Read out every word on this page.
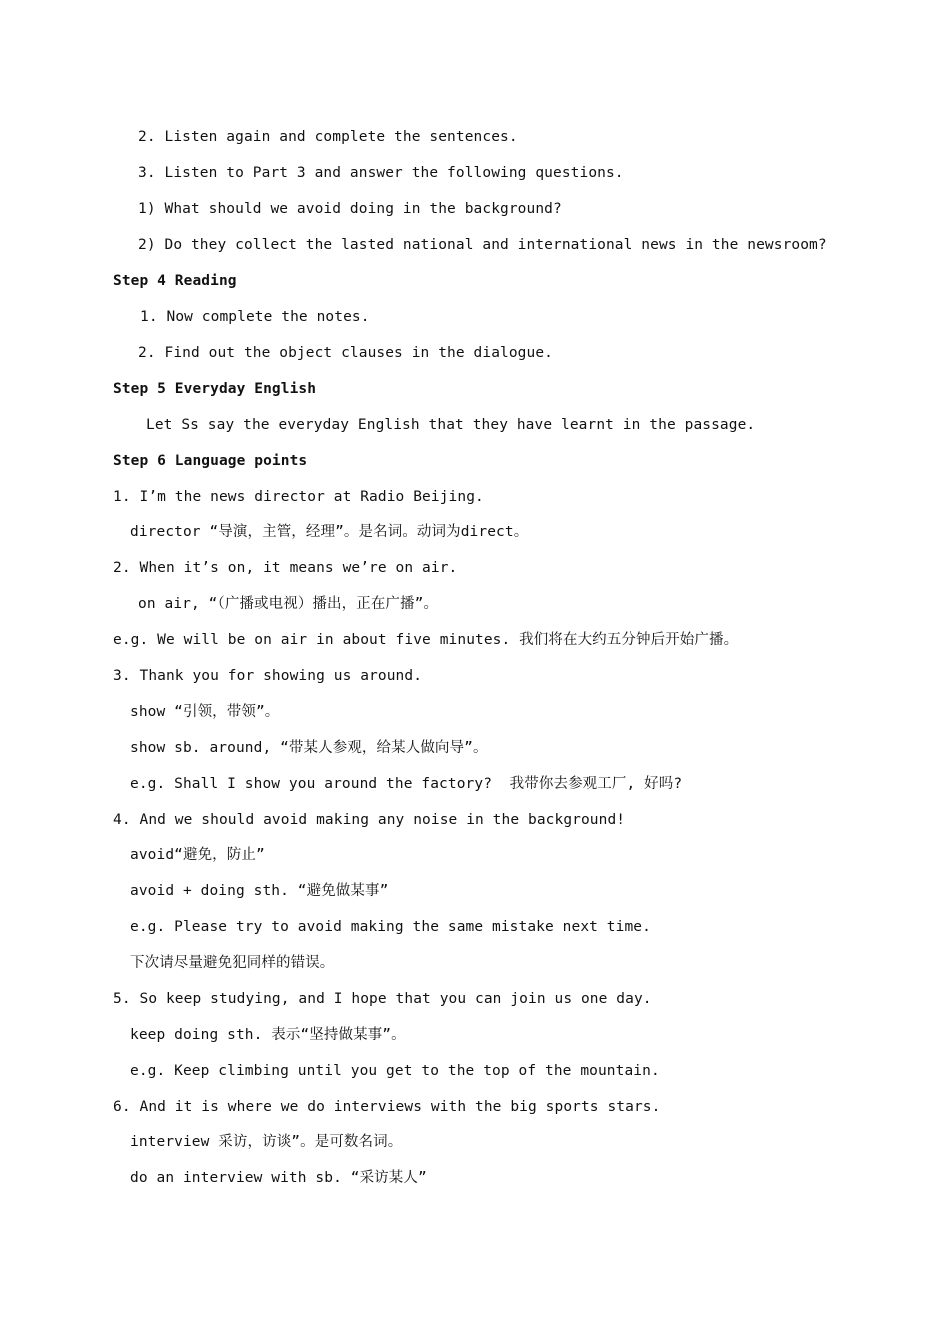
2. Listen again and complete the sentences.
3. Listen to Part 3 and answer the following questions.
1) What should we avoid doing in the background?
2) Do they collect the lasted national and international news in the newsroom?
Step 4 Reading
1. Now complete the notes.
2. Find out the object clauses in the dialogue.
Step 5 Everyday English
Let Ss say the everyday English that they have learnt in the passage.
Step 6 Language points
1. I’m the news director at Radio Beijing.
director “导演，主管，经理”。是名词。动词为direct。
2. When it’s on, it means we’re on air.
on air, “（广播或电视）播出，正在广播”。
e.g. We will be on air in about five minutes. 我们将在大约五分钟后开始广播。
3. Thank you for showing us around.
show “引领，带领”。
show sb. around, “带某人参观，给某人做向导”。
e.g. Shall I show you around the factory?  我带你去参观工厂, 好吗?
4. And we should avoid making any noise in the background!
avoid“避免，防止”
avoid + doing sth. “避免做某事”
e.g. Please try to avoid making the same mistake next time.
下次请尽量避免犯同样的错误。
5. So keep studying, and I hope that you can join us one day.
keep doing sth. 表示“坚持做某事”。
e.g. Keep climbing until you get to the top of the mountain.
6. And it is where we do interviews with the big sports stars.
interview 采访，访谈”。是可数名词。
do an interview with sb. “采访某人”
